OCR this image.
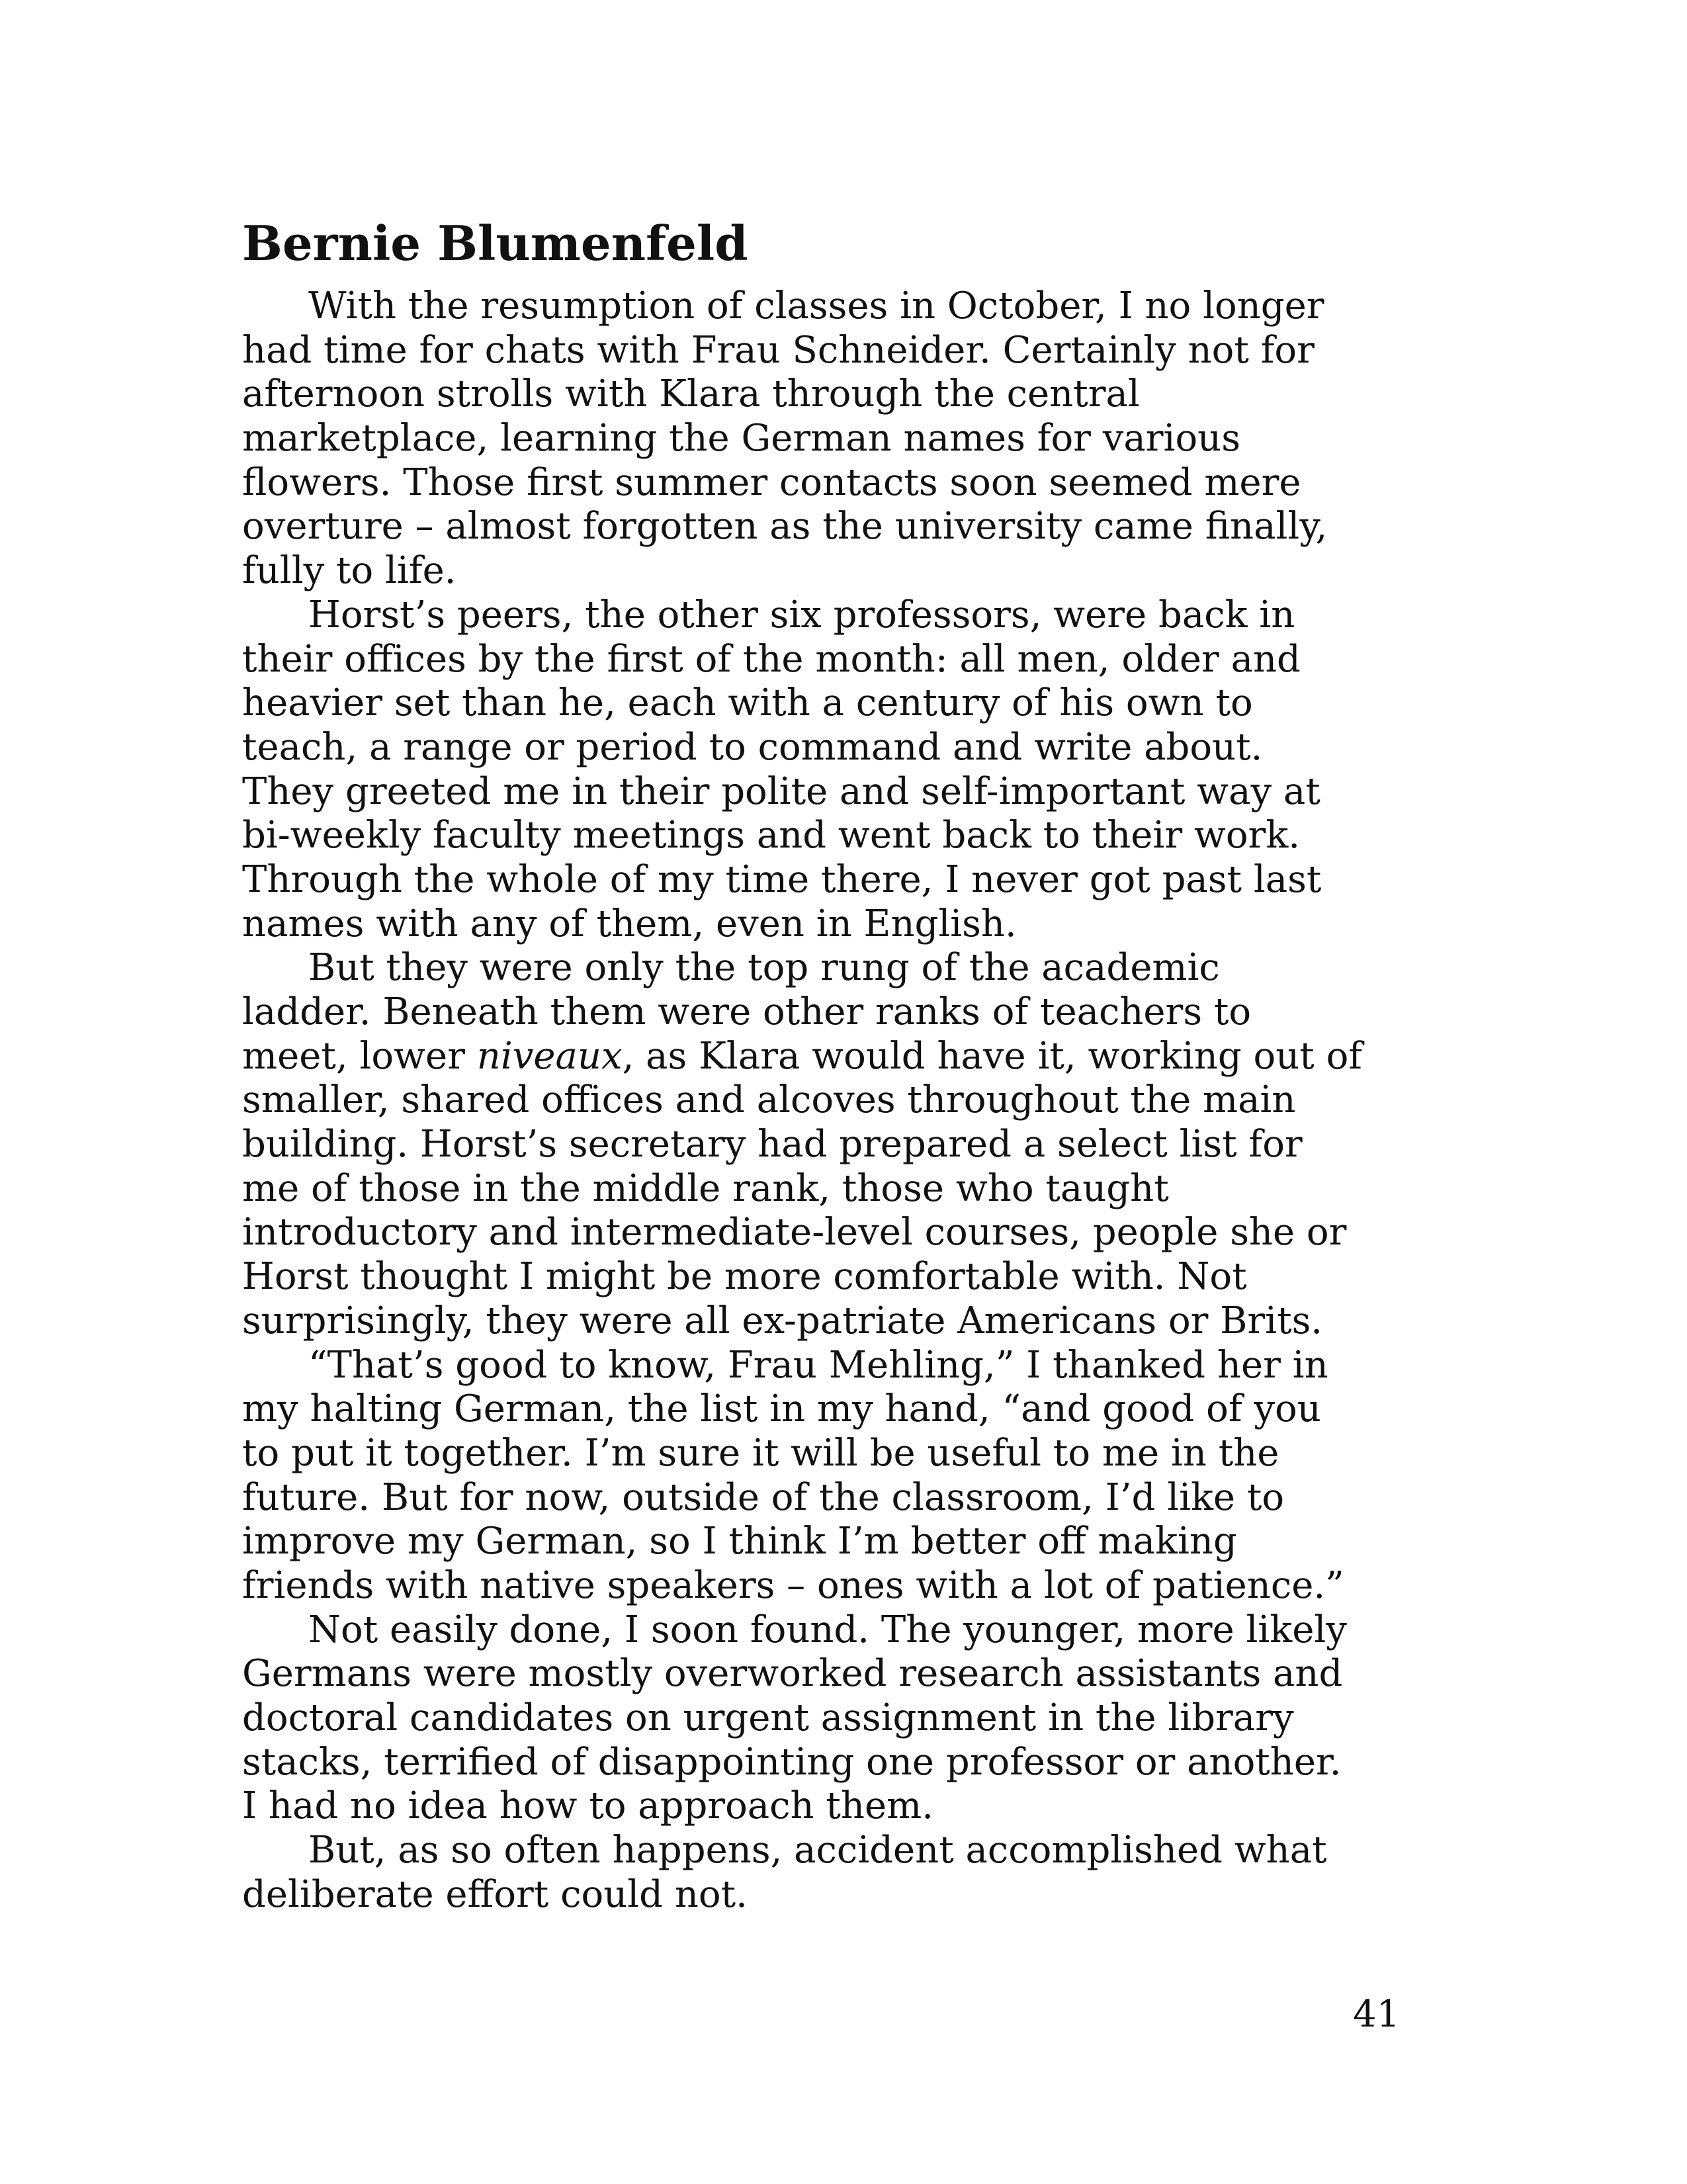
Bernie Blumenfeld

With the resumption of classes in October, I no longer
had time for chats with Frau Schneider. Certainly not for
afternoon strolls with Klara through the central
marketplace, learning the German names for various
flowers. Those first summer contacts soon seemed mere
overture – almost forgotten as the university came finally,
fully to life.

Horst’s peers, the other six professors, were back in
their offices by the first of the month: all men, older and
heavier set than he, each with a century of his own to
teach, a range or period to command and write about.
They greeted me in their polite and self-important way at
bi-weekly faculty meetings and went back to their work.
Through the whole of my time there, I never got past last
names with any of them, even in English.

But they were only the top rung of the academic
ladder. Beneath them were other ranks of teachers to
meet, lower niveaux, as Klara would have it, working out of
smaller, shared offices and alcoves throughout the main
building. Horst’s secretary had prepared a select list for
me of those in the middle rank, those who taught
introductory and intermediate-level courses, people she or
Horst thought I might be more comfortable with. Not
surprisingly, they were all ex-patriate Americans or Brits.

“That’s good to know, Frau Mehling,” I thanked her in
my halting German, the list in my hand, “and good of you
to put it together. I’m sure it will be useful to me in the
future. But for now, outside of the classroom, I’d like to
improve my German, so I think I’m better off making
friends with native speakers – ones with a lot of patience.”

Not easily done, I soon found. The younger, more likely
Germans were mostly overworked research assistants and
doctoral candidates on urgent assignment in the library
stacks, terrified of disappointing one professor or another.
I had no idea how to approach them.

But, as so often happens, accident accomplished what
deliberate effort could not.

41
